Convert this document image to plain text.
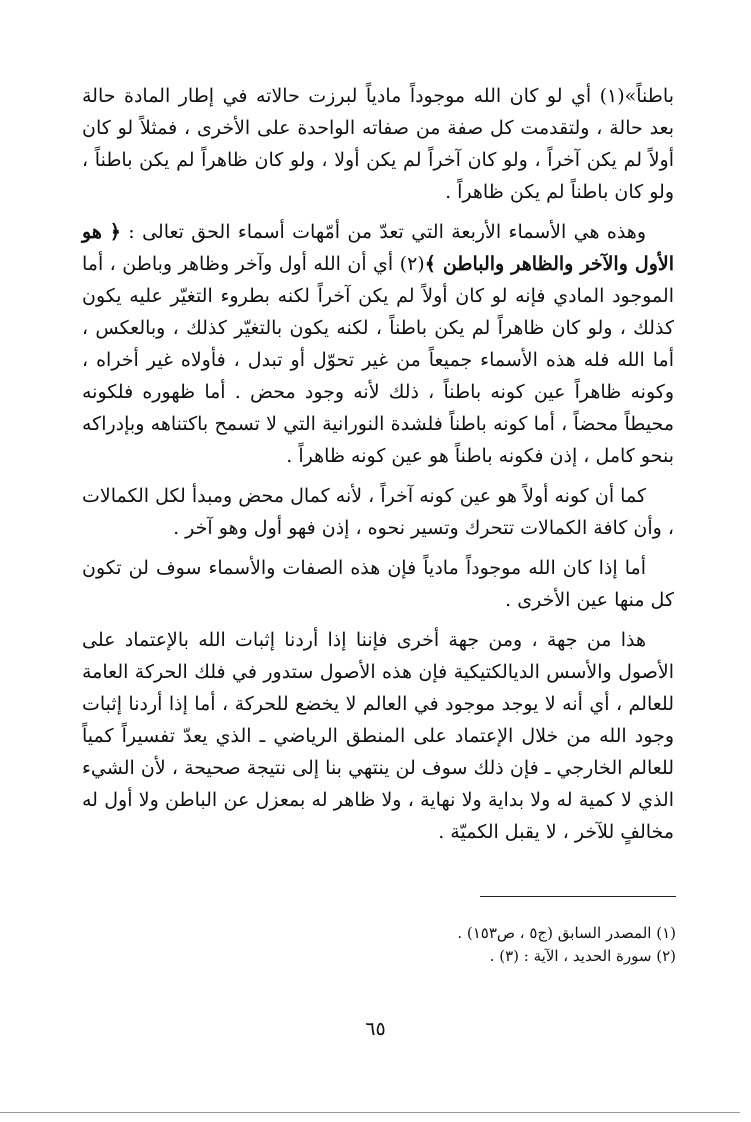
باطناً»(١) أي لو كان الله موجوداً مادياً لبرزت حالاته في إطار المادة حالة بعد حالة ، ولتقدمت كل صفة من صفاته الواحدة على الأخرى ، فمثلاً لو كان أولاً لم يكن آخراً ، ولو كان آخراً لم يكن أولا ، ولو كان ظاهراً لم يكن باطناً ، ولو كان باطناً لم يكن ظاهراً .

وهذه هي الأسماء الأربعة التي تعدّ من أمّهات أسماء الحق تعالى : ﴿ هو الأول والآخر والظاهر والباطن ﴾(٢) أي أن الله أول وآخر وظاهر وباطن ، أما الموجود المادي فإنه لو كان أولاً لم يكن آخراً لكنه بطروء التغيّر عليه يكون كذلك ، ولو كان ظاهراً لم يكن باطناً ، لكنه يكون بالتغيّر كذلك ، وبالعكس ، أما الله فله هذه الأسماء جميعاً من غير تحوّل أو تبدل ، فأولاه غير أخراه ، وكونه ظاهراً عين كونه باطناً ، ذلك لأنه وجود محض . أما ظهوره فلكونه محيطاً محضاً ، أما كونه باطناً فلشدة النورانية التي لا تسمح باكتناهه وبإدراكه بنحو كامل ، إذن فكونه باطناً هو عين كونه ظاهراً .

كما أن كونه أولاً هو عين كونه آخراً ، لأنه كمال محض ومبدأ لكل الكمالات ، وأن كافة الكمالات تتحرك وتسير نحوه ، إذن فهو أول وهو آخر .

أما إذا كان الله موجوداً مادياً فإن هذه الصفات والأسماء سوف لن تكون كل منها عين الأخرى .

هذا من جهة ، ومن جهة أخرى فإننا إذا أردنا إثبات الله بالإعتماد على الأصول والأسس الديالكتيكية فإن هذه الأصول ستدور في فلك الحركة العامة للعالم ، أي أنه لا يوجد موجود في العالم لا يخضع للحركة ، أما إذا أردنا إثبات وجود الله من خلال الإعتماد على المنطق الرياضي ـ الذي يعدّ تفسيراً كمياً للعالم الخارجي ـ فإن ذلك سوف لن ينتهي بنا إلى نتيجة صحيحة ، لأن الشيء الذي لا كمية له ولا بداية ولا نهاية ، ولا ظاهر له بمعزل عن الباطن ولا أول له مخالفٍ للآخر ، لا يقبل الكميّة .

(١) المصدر السابق (ج٥ ، ص١٥٣) .

(٢) سورة الحديد ، الآية : (٣) .

٦٥
